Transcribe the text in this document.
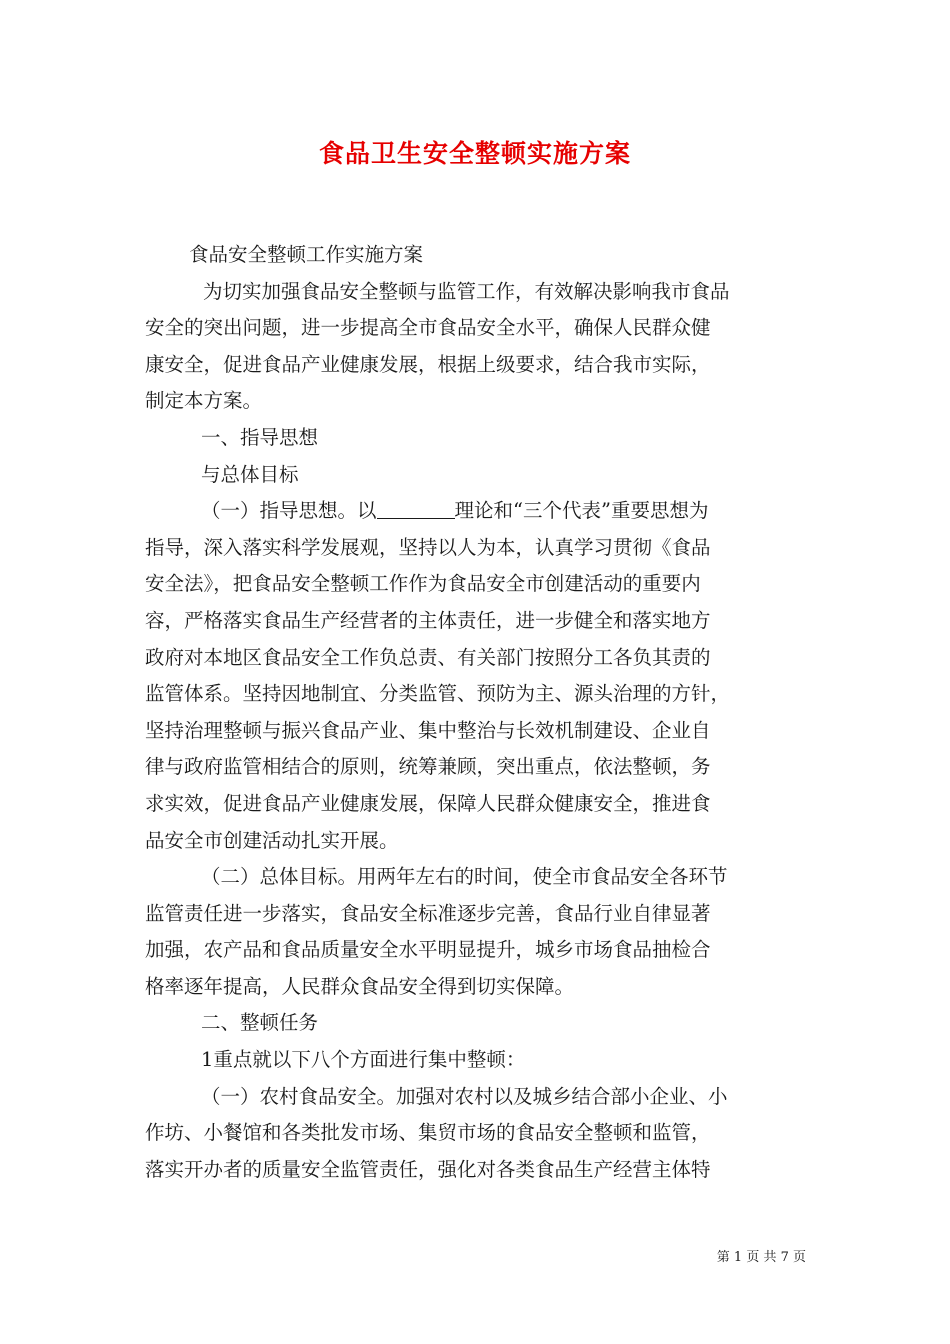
食品卫生安全整顿实施方案

食品安全整顿工作实施方案

为切实加强食品安全整顿与监管工作，有效解决影响我市食品

安全的突出问题，进一步提高全市食品安全水平，确保人民群众健

康安全，促进食品产业健康发展，根据上级要求，结合我市实际，

制定本方案。

一、指导思想

与总体目标

（一）指导思想。以	理论和“三个代表”重要思想为

指导，深入落实科学发展观，坚持以人为本，认真学习贯彻《食品

安全法》，把食品安全整顿工作作为食品安全市创建活动的重要内

容，严格落实食品生产经营者的主体责任，进一步健全和落实地方

政府对本地区食品安全工作负总责、有关部门按照分工各负其责的

监管体系。坚持因地制宜、分类监管、预防为主、源头治理的方针，

坚持治理整顿与振兴食品产业、集中整治与长效机制建设、企业自

律与政府监管相结合的原则，统筹兼顾，突出重点，依法整顿，务

求实效，促进食品产业健康发展，保障人民群众健康安全，推进食

品安全市创建活动扎实开展。

（二）总体目标。用两年左右的时间，使全市食品安全各环节

监管责任进一步落实，食品安全标准逐步完善，食品行业自律显著

加强，农产品和食品质量安全水平明显提升，城乡市场食品抽检合

格率逐年提高，人民群众食品安全得到切实保障。

二、整顿任务

1重点就以下八个方面进行集中整顿：

（一）农村食品安全。加强对农村以及城乡结合部小企业、小

作坊、小餐馆和各类批发市场、集贸市场的食品安全整顿和监管，

落实开办者的质量安全监管责任，强化对各类食品生产经营主体特

第 1 页 共 7 页
